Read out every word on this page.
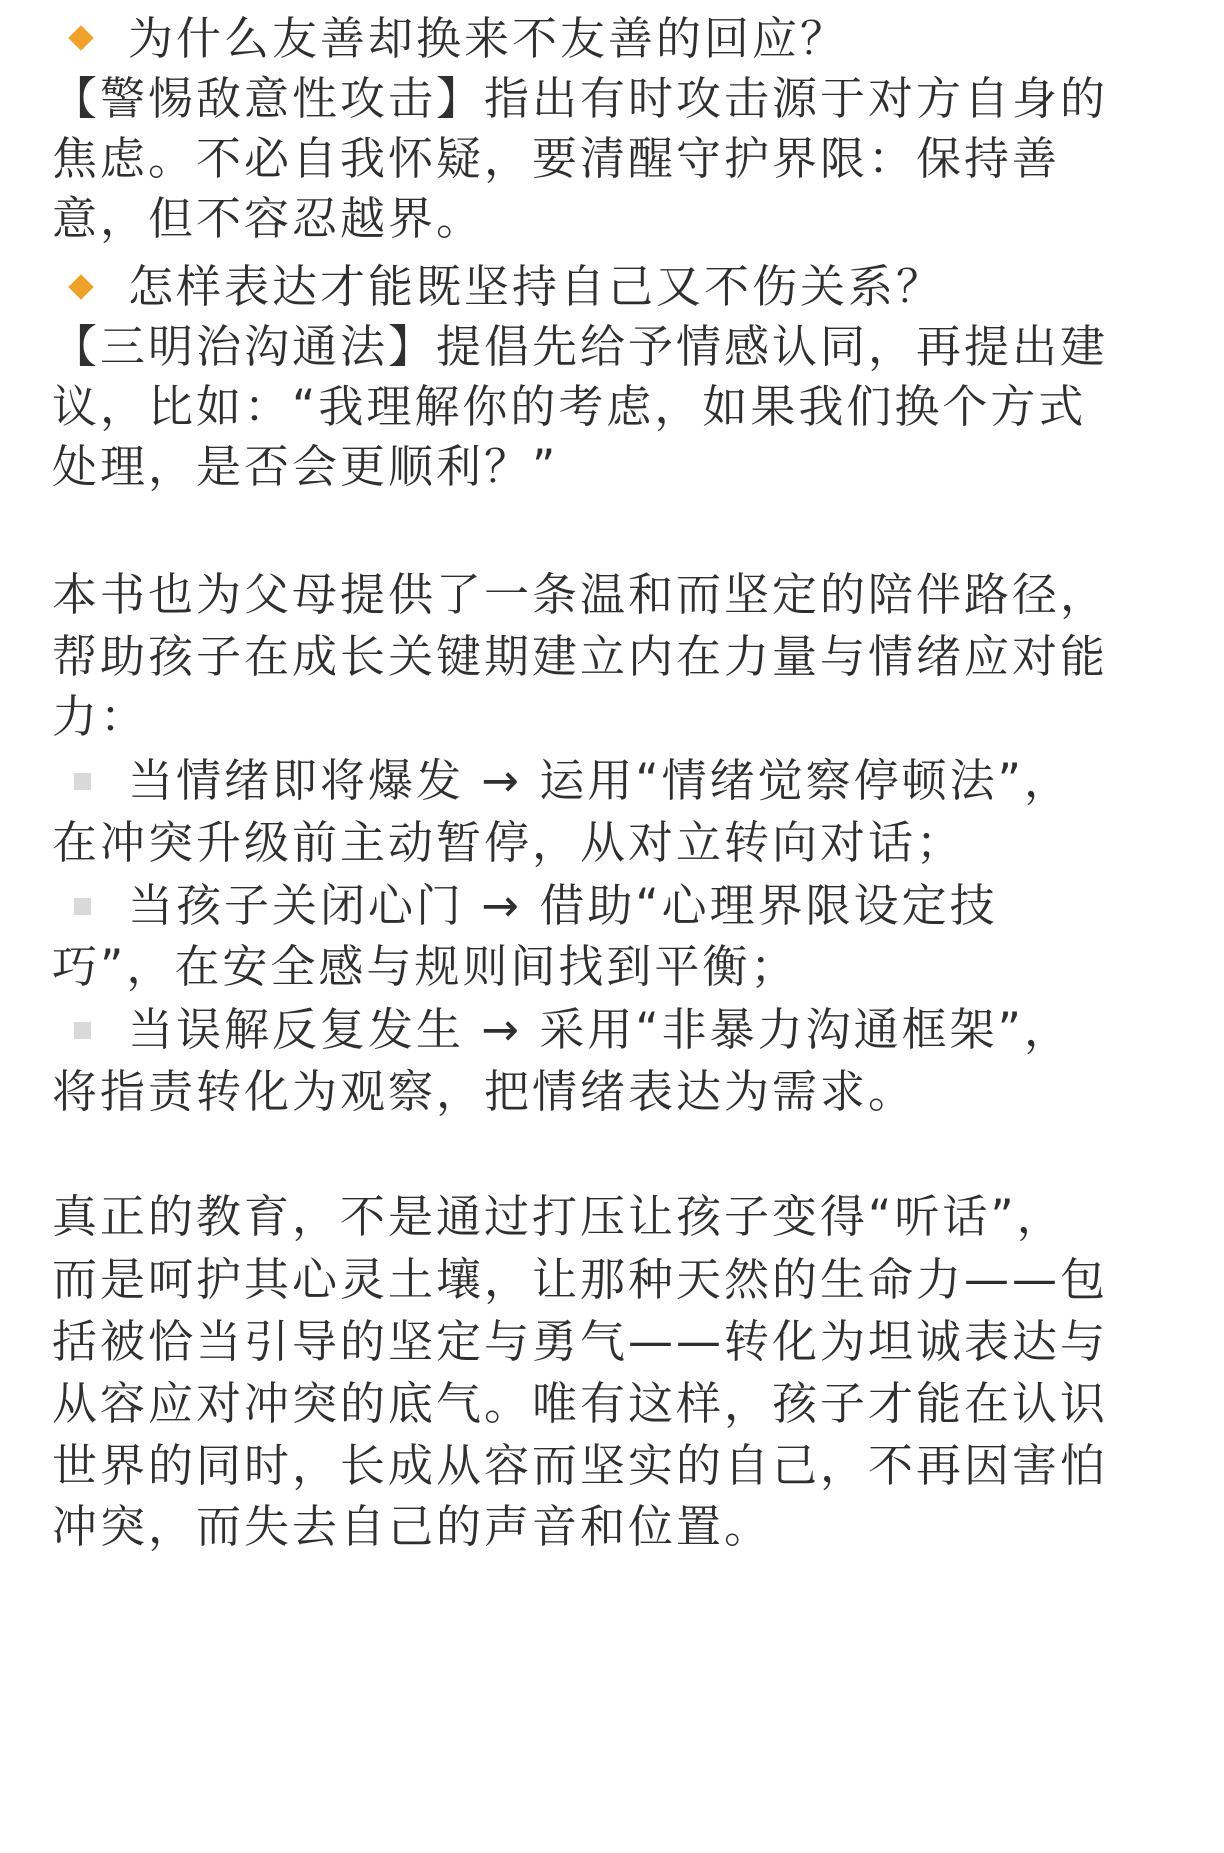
为什么友善却换来不友善的回应？
【警惕敌意性攻击】指出有时攻击源于对方自身的
焦虑。不必自我怀疑，要清醒守护界限：保持善
意，但不容忍越界。
怎样表达才能既坚持自己又不伤关系？
【三明治沟通法】提倡先给予情感认同，再提出建
议，比如：“我理解你的考虑，如果我们换个方式
处理，是否会更顺利？”
本书也为父母提供了一条温和而坚定的陪伴路径，
帮助孩子在成长关键期建立内在力量与情绪应对能
力：
当情绪即将爆发 → 运用“情绪觉察停顿法”，
在冲突升级前主动暂停，从对立转向对话；
当孩子关闭心门 → 借助“心理界限设定技
巧”，在安全感与规则间找到平衡；
当误解反复发生 → 采用“非暴力沟通框架”，
将指责转化为观察，把情绪表达为需求。
真正的教育，不是通过打压让孩子变得“听话”，
而是呵护其心灵土壤，让那种天然的生命力——包
括被恰当引导的坚定与勇气——转化为坦诚表达与
从容应对冲突的底气。唯有这样，孩子才能在认识
世界的同时，长成从容而坚实的自己，不再因害怕
冲突，而失去自己的声音和位置。
